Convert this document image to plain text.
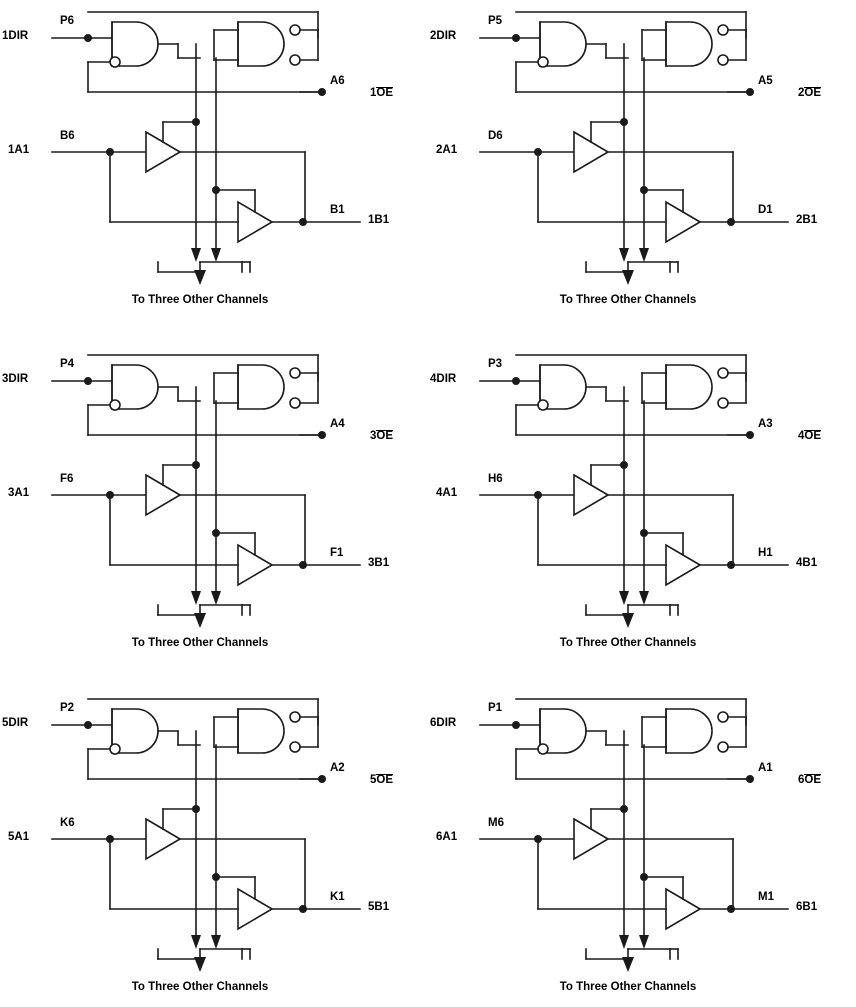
1DIR
P6
A6
1OE
1A1
B6
B1
1B1
To Three Other Channels
2DIR
P5
A5
2OE
2A1
D6
D1
2B1
To Three Other Channels
3DIR
P4
A4
3OE
3A1
F6
F1
3B1
To Three Other Channels
4DIR
P3
A3
4OE
4A1
H6
H1
4B1
To Three Other Channels
5DIR
P2
A2
5OE
5A1
K6
K1
5B1
To Three Other Channels
6DIR
P1
A1
6OE
6A1
M6
M1
6B1
To Three Other Channels
